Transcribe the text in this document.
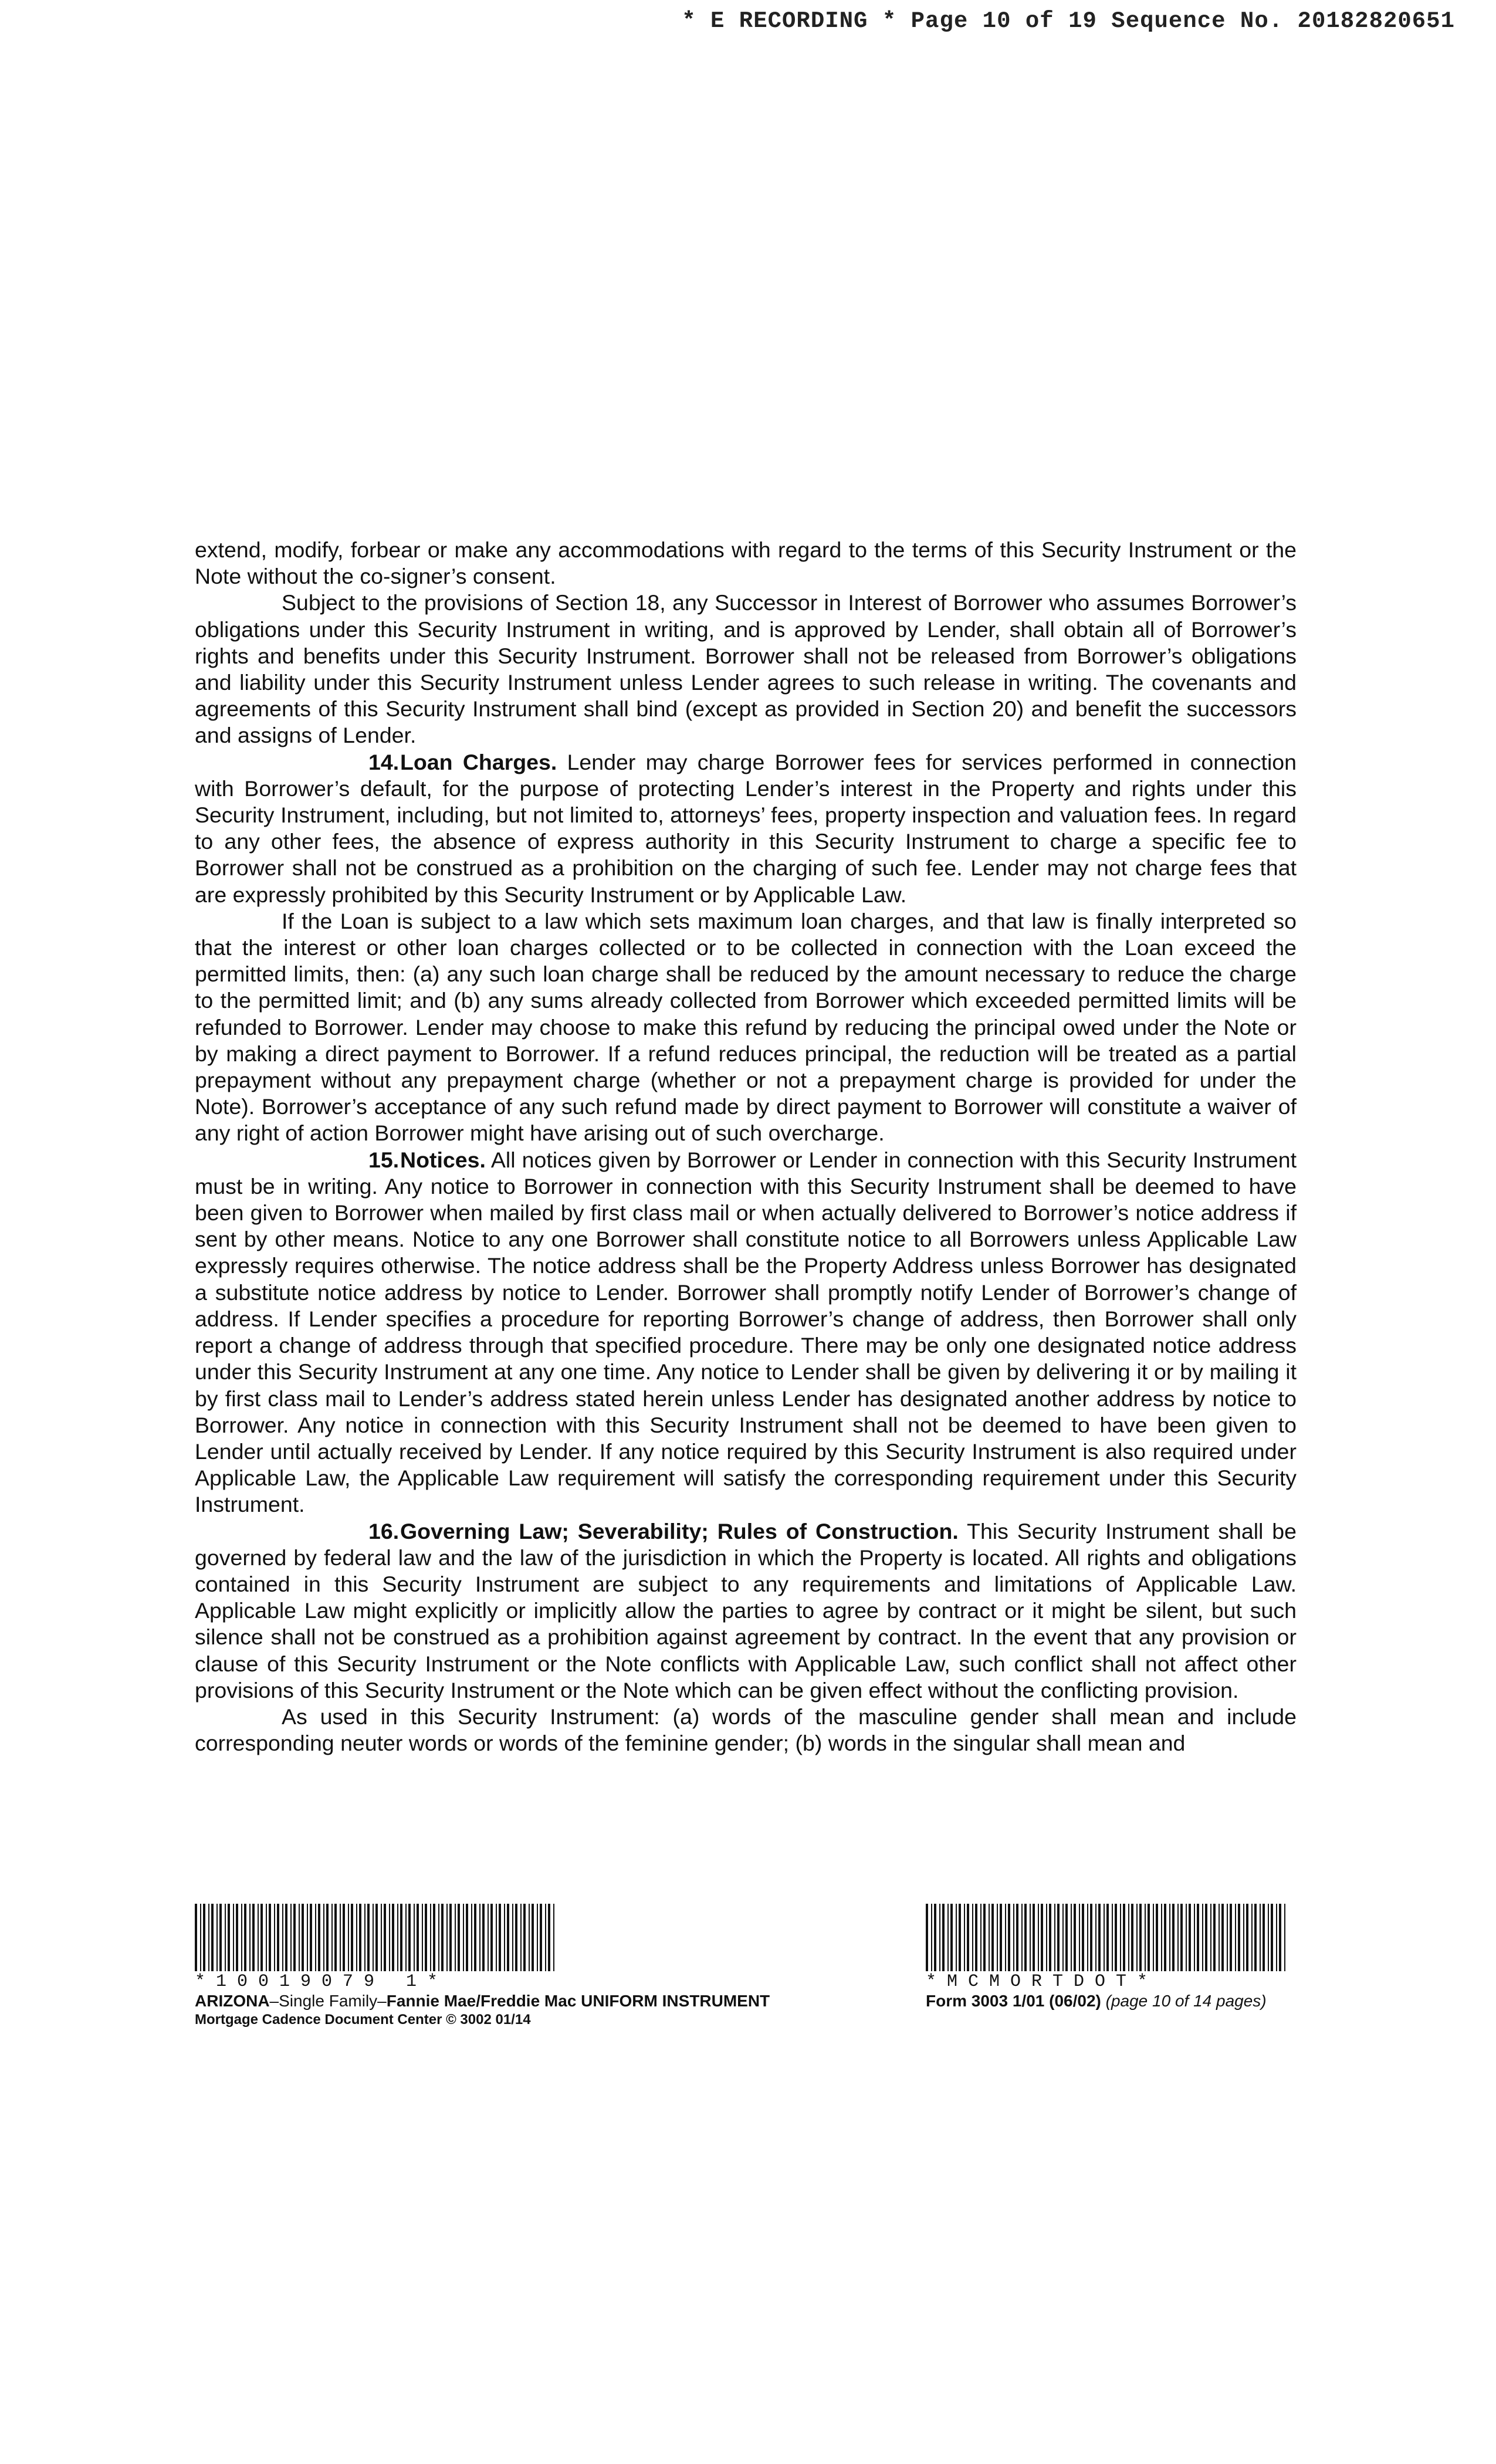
* E RECORDING * Page 10 of 19 Sequence No. 20182820651

extend, modify, forbear or make any accommodations with regard to the terms of this Security Instrument or the Note without the co-signer’s consent.

Subject to the provisions of Section 18, any Successor in Interest of Borrower who assumes Borrower’s obligations under this Security Instrument in writing, and is approved by Lender, shall obtain all of Borrower’s rights and benefits under this Security Instrument. Borrower shall not be released from Borrower’s obligations and liability under this Security Instrument unless Lender agrees to such release in writing. The covenants and agreements of this Security Instrument shall bind (except as provided in Section 20) and benefit the successors and assigns of Lender.

14.Loan Charges. Lender may charge Borrower fees for services performed in connection with Borrower’s default, for the purpose of protecting Lender’s interest in the Property and rights under this Security Instrument, including, but not limited to, attorneys’ fees, property inspection and valuation fees. In regard to any other fees, the absence of express authority in this Security Instrument to charge a specific fee to Borrower shall not be construed as a prohibition on the charging of such fee. Lender may not charge fees that are expressly prohibited by this Security Instrument or by Applicable Law.

If the Loan is subject to a law which sets maximum loan charges, and that law is finally interpreted so that the interest or other loan charges collected or to be collected in connection with the Loan exceed the permitted limits, then: (a) any such loan charge shall be reduced by the amount necessary to reduce the charge to the permitted limit; and (b) any sums already collected from Borrower which exceeded permitted limits will be refunded to Borrower. Lender may choose to make this refund by reducing the principal owed under the Note or by making a direct payment to Borrower. If a refund reduces principal, the reduction will be treated as a partial prepayment without any prepayment charge (whether or not a prepayment charge is provided for under the Note). Borrower’s acceptance of any such refund made by direct payment to Borrower will constitute a waiver of any right of action Borrower might have arising out of such overcharge.

15.Notices. All notices given by Borrower or Lender in connection with this Security Instrument must be in writing. Any notice to Borrower in connection with this Security Instrument shall be deemed to have been given to Borrower when mailed by first class mail or when actually delivered to Borrower’s notice address if sent by other means. Notice to any one Borrower shall constitute notice to all Borrowers unless Applicable Law expressly requires otherwise. The notice address shall be the Property Address unless Borrower has designated a substitute notice address by notice to Lender. Borrower shall promptly notify Lender of Borrower’s change of address. If Lender specifies a procedure for reporting Borrower’s change of address, then Borrower shall only report a change of address through that specified procedure. There may be only one designated notice address under this Security Instrument at any one time. Any notice to Lender shall be given by delivering it or by mailing it by first class mail to Lender’s address stated herein unless Lender has designated another address by notice to Borrower. Any notice in connection with this Security Instrument shall not be deemed to have been given to Lender until actually received by Lender. If any notice required by this Security Instrument is also required under Applicable Law, the Applicable Law requirement will satisfy the corresponding requirement under this Security Instrument.

16.Governing Law; Severability; Rules of Construction. This Security Instrument shall be governed by federal law and the law of the jurisdiction in which the Property is located. All rights and obligations contained in this Security Instrument are subject to any requirements and limitations of Applicable Law. Applicable Law might explicitly or implicitly allow the parties to agree by contract or it might be silent, but such silence shall not be construed as a prohibition against agreement by contract. In the event that any provision or clause of this Security Instrument or the Note conflicts with Applicable Law, such conflict shall not affect other provisions of this Security Instrument or the Note which can be given effect without the conflicting provision.

As used in this Security Instrument: (a) words of the masculine gender shall mean and include corresponding neuter words or words of the feminine gender; (b) words in the singular shall mean and

*10019079 1*
ARIZONA–Single Family–Fannie Mae/Freddie Mac UNIFORM INSTRUMENT
Mortgage Cadence Document Center © 3002 01/14
*MCMORTDOT*
Form 3003 1/01 (06/02) (page 10 of 14 pages)
